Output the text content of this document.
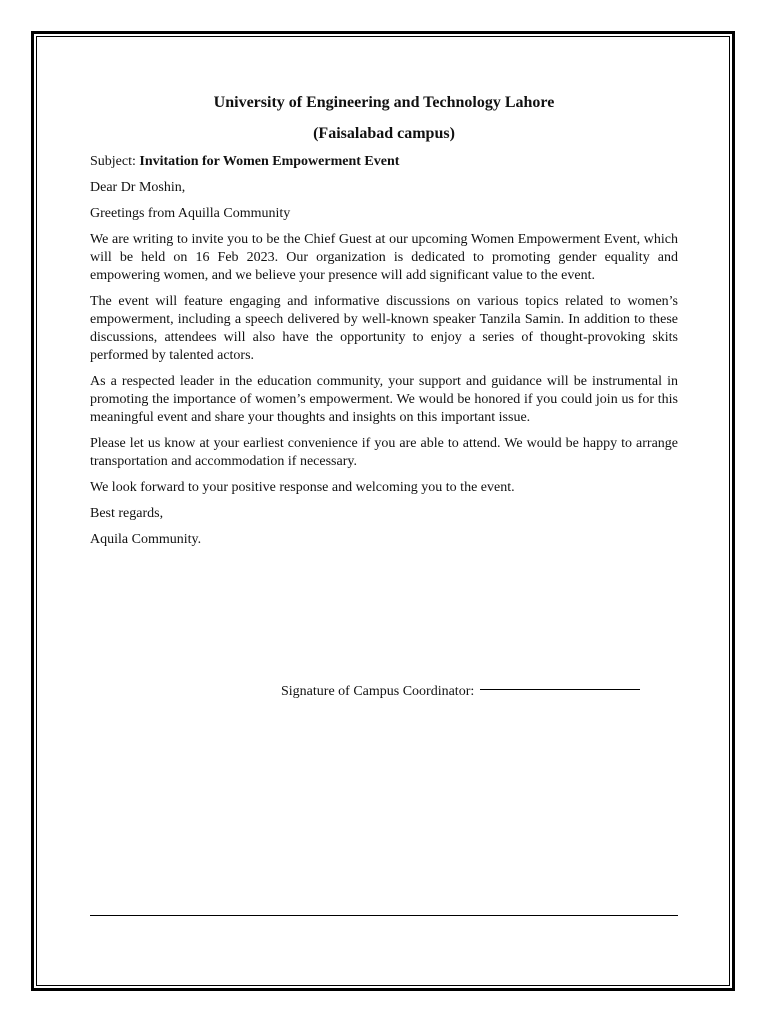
University of Engineering and Technology Lahore
(Faisalabad campus)

Subject: Invitation for Women Empowerment Event

Dear Dr Moshin,

Greetings from Aquilla Community

We are writing to invite you to be the Chief Guest at our upcoming Women Empowerment Event, which will be held on 16 Feb 2023. Our organization is dedicated to promoting gender equality and empowering women, and we believe your presence will add significant value to the event.

The event will feature engaging and informative discussions on various topics related to women’s empowerment, including a speech delivered by well-known speaker Tanzila Samin. In addition to these discussions, attendees will also have the opportunity to enjoy a series of thought-provoking skits performed by talented actors.

As a respected leader in the education community, your support and guidance will be instrumental in promoting the importance of women’s empowerment. We would be honored if you could join us for this meaningful event and share your thoughts and insights on this important issue.

Please let us know at your earliest convenience if you are able to attend. We would be happy to arrange transportation and accommodation if necessary.

We look forward to your positive response and welcoming you to the event.

Best regards,

Aquila Community.

Signature of Campus Coordinator:
